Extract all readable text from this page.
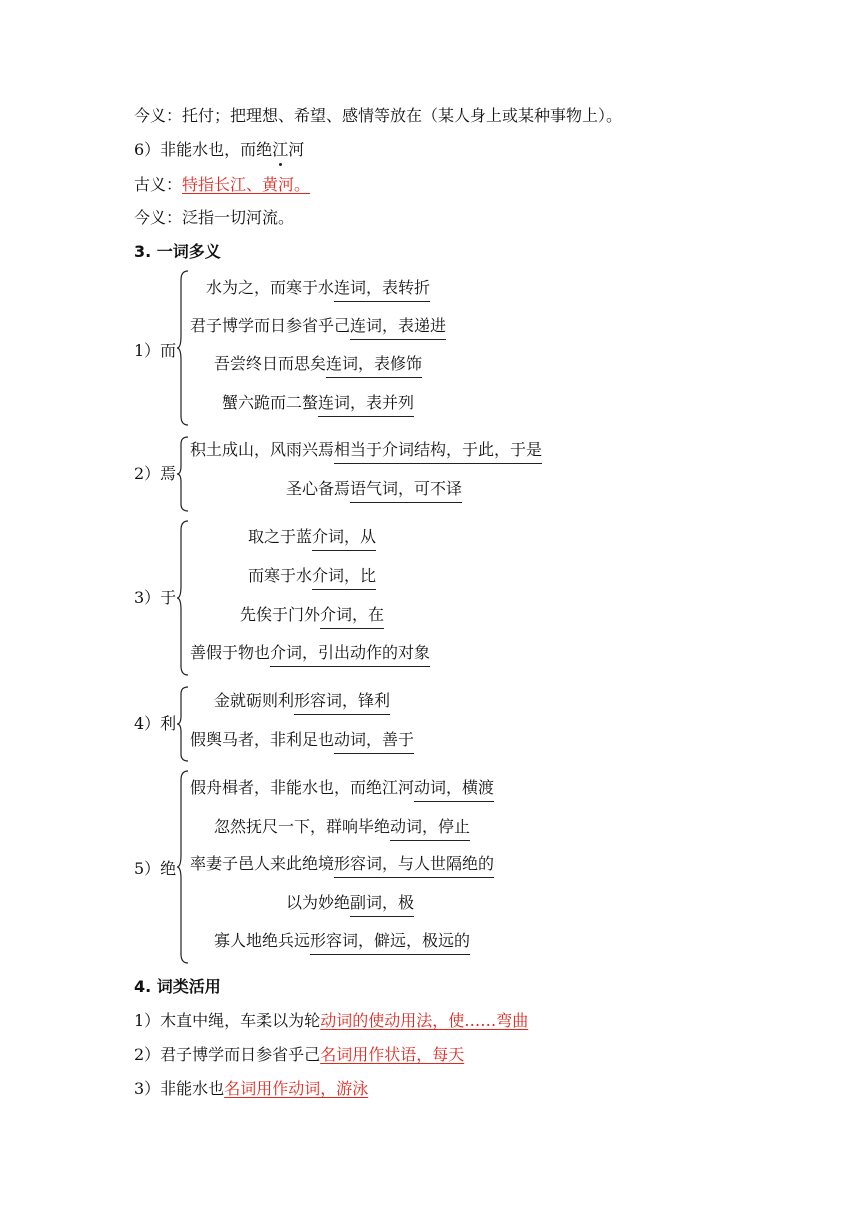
今义：托付；把理想、希望、感情等放在（某人身上或某种事物上）。
6）非能水也，而绝江
河
古义：特指长江、黄河。
今义：泛指一切河流。
3. 一词多义
1）而
水为之，而寒于水连词，表转折
君子博学而日参省乎己连词，表递进
吾尝终日而思矣连词，表修饰
蟹六跪而二螯连词，表并列
2）焉
积土成山，风雨兴焉相当于介词结构，于此，于是
圣心备焉语气词，可不译
3）于
取之于蓝介词，从
而寒于水介词，比
先俟于门外介词，在
善假于物也介词，引出动作的对象
4）利
金就砺则利形容词，锋利
假舆马者，非利足也动词，善于
5）绝
假舟楫者，非能水也，而绝江河动词，横渡
忽然抚尺一下，群响毕绝动词，停止
率妻子邑人来此绝境形容词，与人世隔绝的
以为妙绝副词，极
寡人地绝兵远形容词，僻远，极远的
4. 词类活用
1）木直中绳，车柔以为轮动词的使动用法，使……弯曲
2）君子博学而日参省乎己名词用作状语，每天
3）非能水也名词用作动词，游泳
